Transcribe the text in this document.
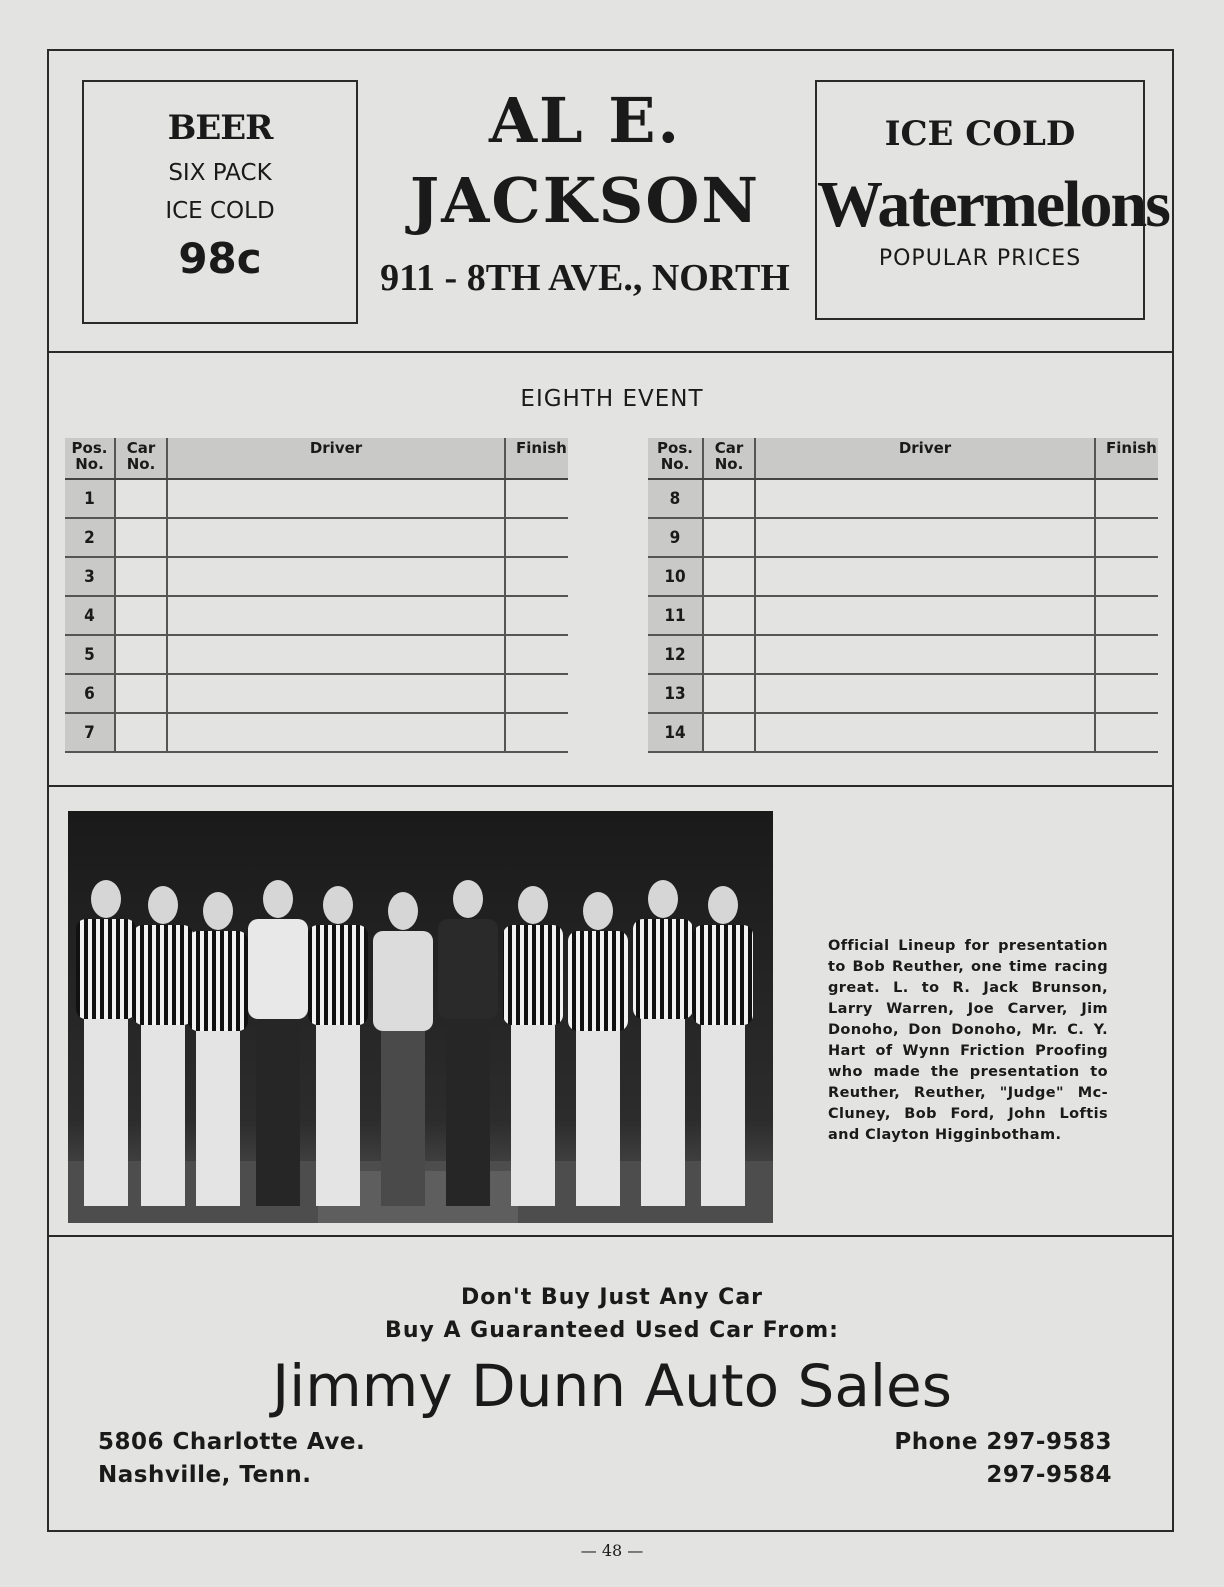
BEER
SIX PACK
ICE COLD
98c
AL E.
JACKSON
911 - 8TH AVE., NORTH
ICE COLD
Watermelons
POPULAR PRICES
EIGHTH EVENT
Pos. No.	Car No.	Driver	Finish
1			
2			
3			
4			
5			
6			
7			
Pos. No.	Car No.	Driver	Finish
8			
9			
10			
11			
12			
13			
14			
Official Lineup for presentation to Bob Reuther, one time racing great. L. to R. Jack Brunson, Larry Warren, Joe Carver, Jim Donoho, Don Donoho, Mr. C. Y. Hart of Wynn Friction Proofing who made the presentation to Reuther, Reuther, "Judge" Mc-Cluney, Bob Ford, John Loftis and Clayton Higginbotham.
Don't Buy Just Any Car
Buy A Guaranteed Used Car From:
Jimmy Dunn Auto Sales
5806 Charlotte Ave.
Nashville, Tenn.
Phone 297-9583
297-9584
— 48 —
